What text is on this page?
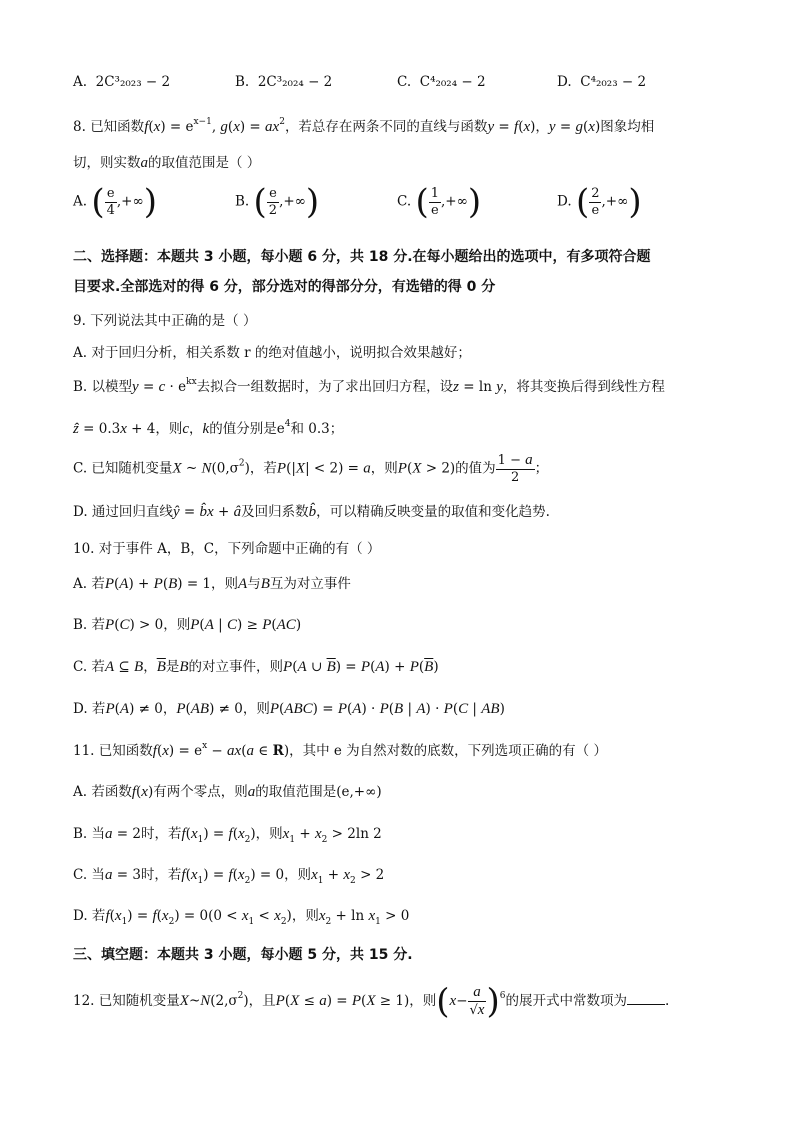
A. 2C³₂₀₂₃ − 2	B. 2C³₂₀₂₄ − 2	C. C⁴₂₀₂₄ − 2	D. C⁴₂₀₂₃ − 2
8. 已知函数$f(x) = e^{x-1}$, $g(x) = ax^2$，若总存在两条不同的直线与函数y = f(x)，y = g(x)图象均相
切，则实数a的取值范围是（ ）
A. ( $\frac{e}{4}$ ,+∞)	B. ( $\frac{e}{2}$ ,+∞)	C. ( $\frac{1}{e}$ ,+∞)	D. ( $\frac{2}{e}$ ,+∞)
二、选择题：本题共 3 小题，每小题 6 分，共 18 分.在每小题给出的选项中，有多项符合题
目要求.全部选对的得 6 分，部分选对的得部分分，有选错的得 0 分
9. 下列说法其中正确的是（ ）
A. 对于回归分析，相关系数 r 的绝对值越小，说明拟合效果越好；
B. 以模型$y = c \cdot e^{kx}$去拟合一组数据时，为了求出回归方程，设z = ln y，将其变换后得到线性方程
ẑ = 0.3x + 4，则c，k的值分别是$e^4$和 0.3；
C. 已知随机变量X ~ $N(0,\sigma^2)$，若P(|X| < 2) = a，则P(X > 2)的值为 $\frac{1 - a}{2}$ ；
D. 通过回归直线ŷ = b̂x + â及回归系数b̂，可以精确反映变量的取值和变化趋势.
10. 对于事件 A，B，C，下列命题中正确的有（ ）
A. 若P(A) + P(B) = 1，则A与B互为对立事件
B. 若P(C) > 0，则P(A | C) ≥ P(AC)
C. 若A ⊆ B，$\overline{B}$是B的对立事件，则P(A ∪ $\overline{B}) = P(A) + P(\overline{B})$
D. 若P(A) ≠ 0，P(AB) ≠ 0，则P(ABC) = P(A) · P(B | A) · P(C | AB)
11. 已知函数$f(x) = e^x - ax(a$ ∈ R)，其中 e 为自然对数的底数，下列选项正确的有（ ）
A. 若函数f(x)有两个零点，则a的取值范围是(e,+∞)
B. 当a = 2时，若$f(x_1) = f(x_2)$，则$x_1 + x_2 > 2\ln$ 2
C. 当a = 3时，若$f(x_1) = f(x_2) = 0$，则$x_1 + x_2 > 2$
D. 若$f(x_1) = f(x_2) = 0(0 < x_1 < x_2)$，则$x_2 + \ln x_1 > 0$
三、填空题：本题共 3 小题，每小题 5 分，共 15 分.
12. 已知随机变量$X\sim N(2,\sigma^2)$，且P(X ≤ a) = P(X ≥ 1)，则$(x- \frac{a}{√x} )^6$的展开式中常数项为	.
